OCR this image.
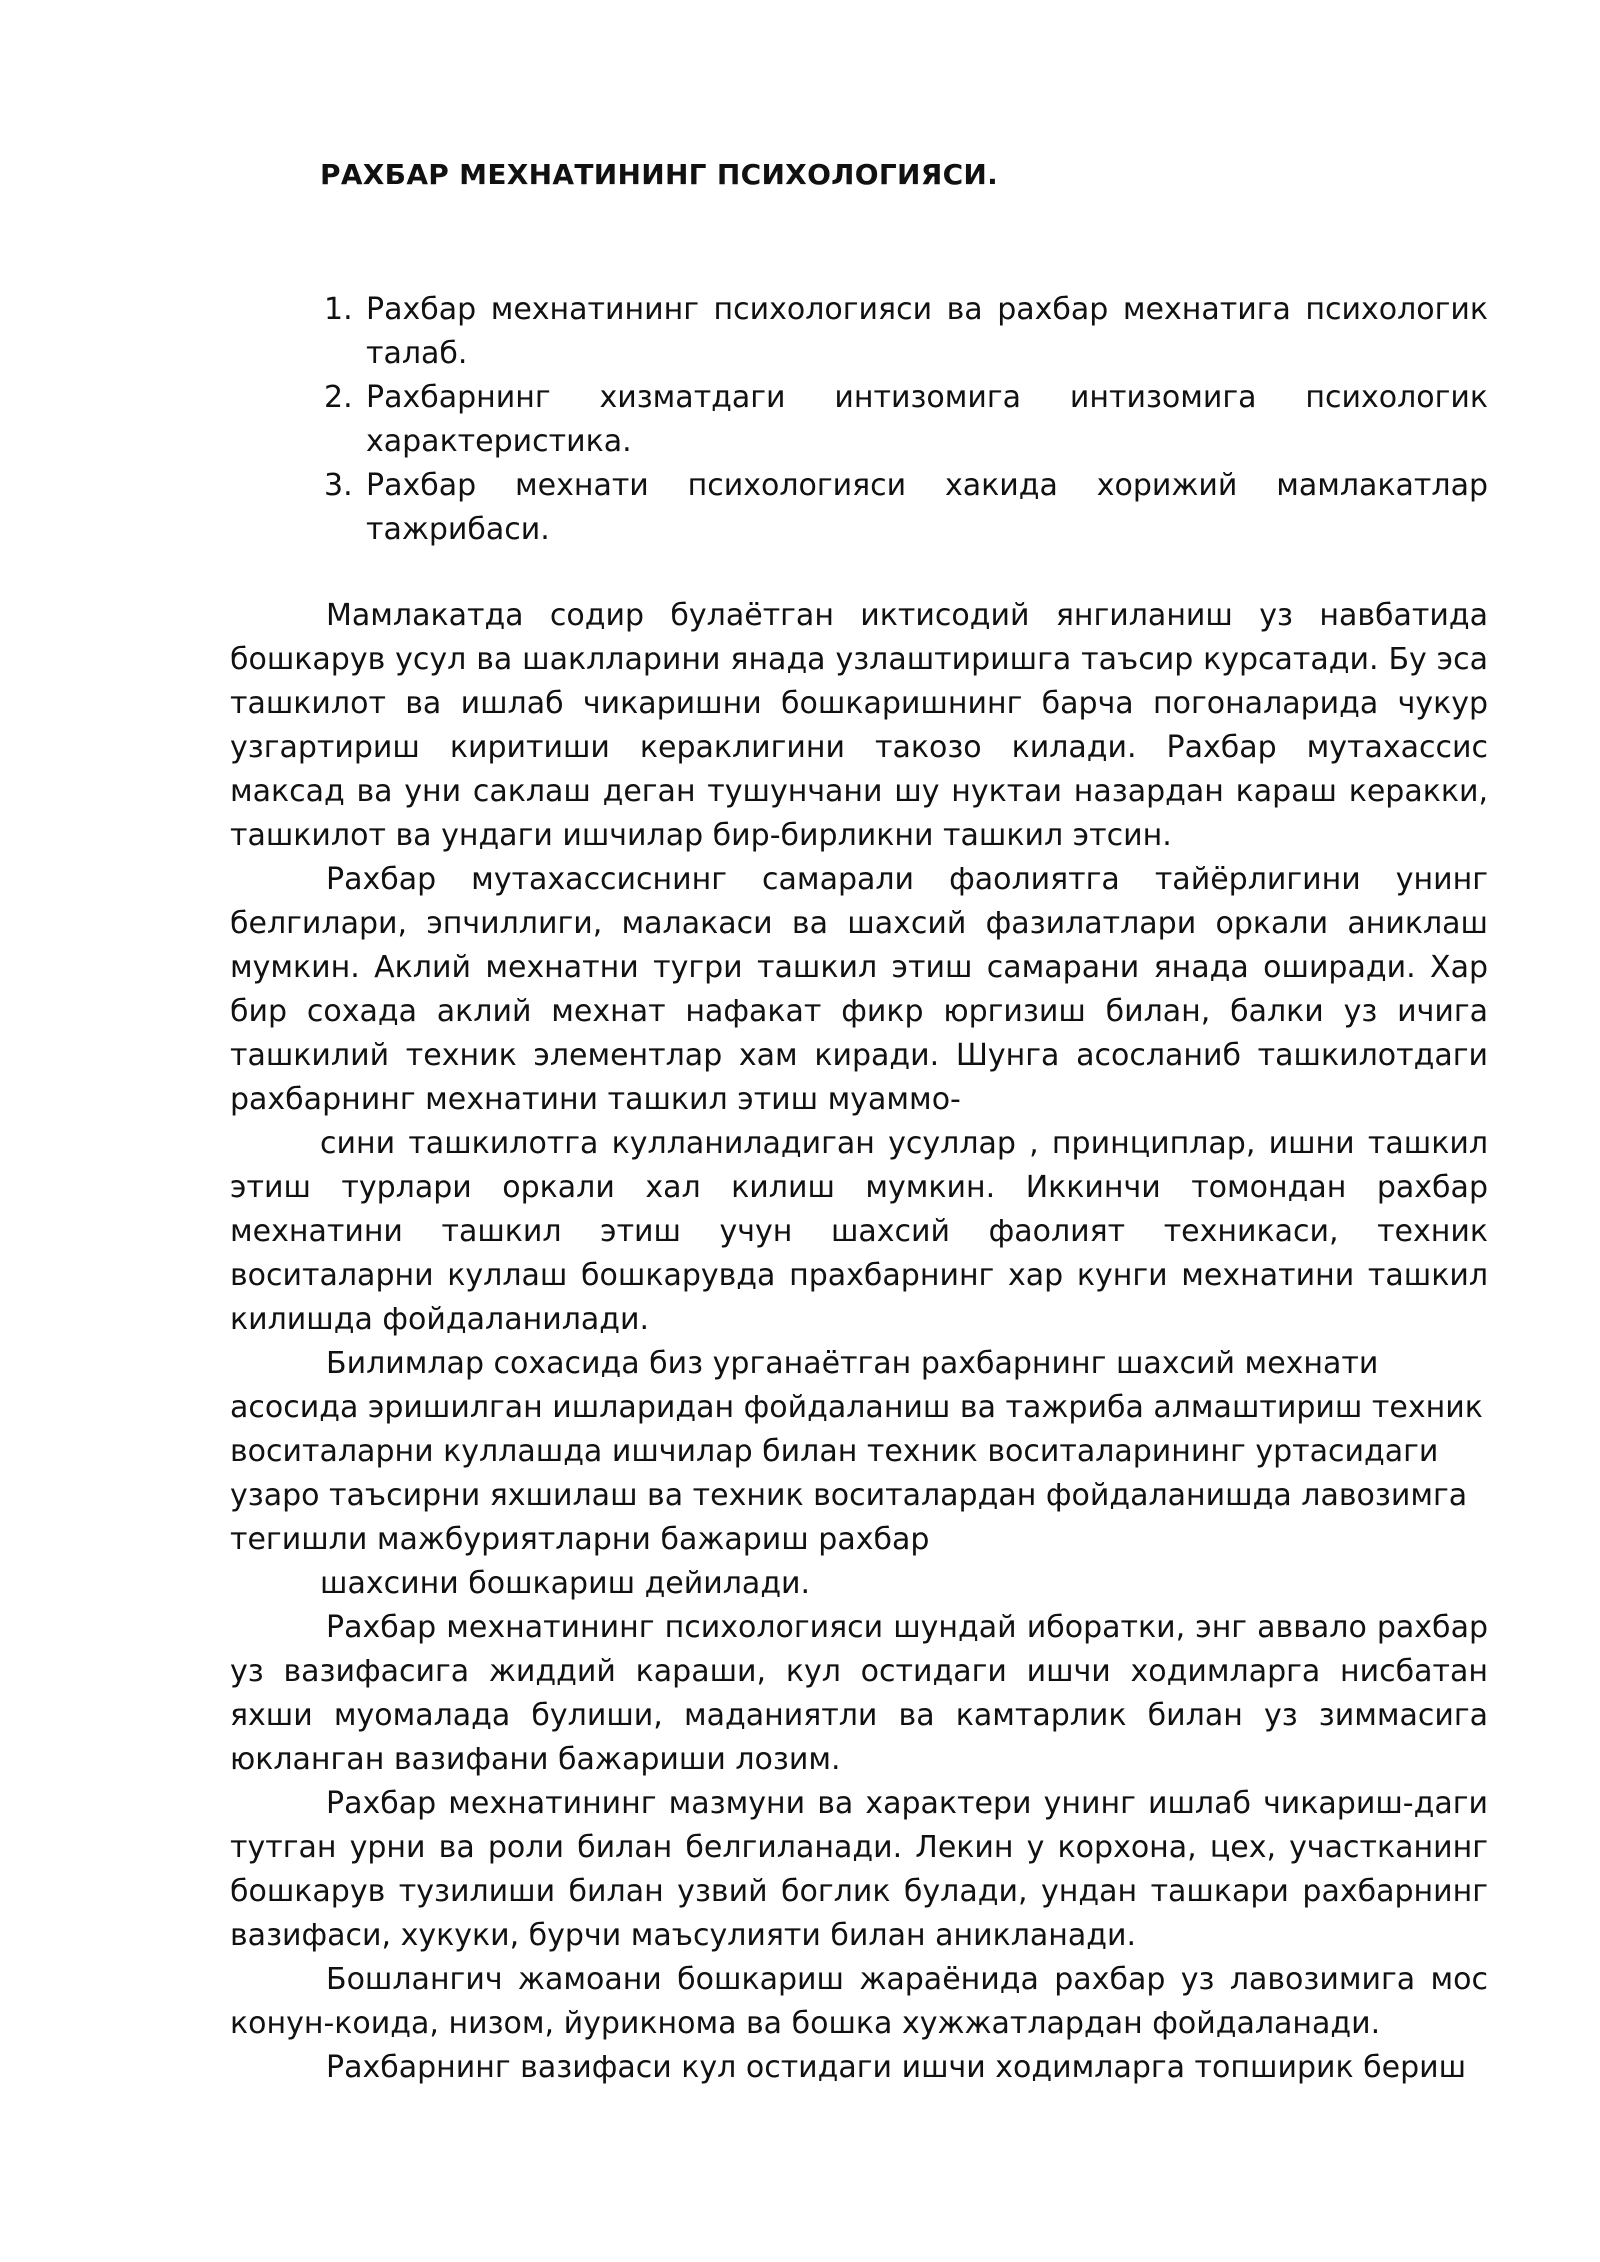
РАХБАР МЕХНАТИНИНГ ПСИХОЛОГИЯСИ.
1. Рахбар мехнатининг психологияси ва рахбар мехнатига психологик талаб.
2. Рахбарнинг хизматдаги интизомига интизомига психологик характеристика.
3. Рахбар мехнати психологияси хакида хорижий мамлакатлар тажрибаси.

Мамлакатда содир булаётган иктисодий янгиланиш уз навбатида бошкарув усул ва шаклларини янада узлаштиришга таъсир курсатади. Бу эса ташкилот ва ишлаб чикаришни бошкаришнинг барча погоналарида чукур узгартириш киритиши кераклигини такозо килади. Рахбар мутахассис максад ва уни саклаш деган тушунчани шу нуктаи назардан караш керакки, ташкилот ва ундаги ишчилар бир-бирликни ташкил этсин.

Рахбар мутахассиснинг самарали фаолиятга тайёрлигини унинг белгилари, эпчиллиги, малакаси ва шахсий фазилатлари оркали аниклаш мумкин. Аклий мехнатни тугри ташкил этиш самарани янада оширади. Хар бир сохада аклий мехнат нафакат фикр юргизиш билан, балки уз ичига ташкилий техник элементлар хам киради. Шунга асосланиб ташкилотдаги рахбарнинг мехнатини ташкил этиш муаммо-

сини ташкилотга кулланиладиган усуллар , принциплар, ишни ташкил этиш турлари оркали хал килиш мумкин. Иккинчи томондан рахбар мехнатини ташкил этиш учун шахсий фаолият техникаси, техник воситаларни куллаш бошкарувда прахбарнинг хар кунги мехнатини ташкил килишда фойдаланилади.

Билимлар сохасида биз урганаётган рахбарнинг шахсий мехнати асосида эришилган ишларидан фойдаланиш ва тажриба алмаштириш техник воситаларни куллашда ишчилар билан техник воситаларининг уртасидаги

узаро таъсирни яхшилаш ва техник воситалардан фойдаланишда лавозимга тегишли мажбуриятларни бажариш рахбар

шахсини бошкариш дейилади.

Рахбар мехнатининг психологияси шундай иборатки, энг аввало рахбар уз вазифасига жиддий караши, кул остидаги ишчи ходимларга нисбатан яхши муомалада булиши, маданиятли ва камтарлик билан уз зиммасига юкланган вазифани бажариши лозим.

Рахбар мехнатининг мазмуни ва характери унинг ишлаб чикариш-даги тутган урни ва роли билан белгиланади. Лекин у корхона, цех, участканинг бошкарув тузилиши билан узвий боглик булади, ундан ташкари рахбарнинг вазифаси, хукуки, бурчи маъсулияти билан аникланади.

Бошлангич жамоани бошкариш жараёнида рахбар уз лавозимига мос конун-коида, низом, йурикнома ва бошка хужжатлардан фойдаланади.

Рахбарнинг вазифаси кул остидаги ишчи ходимларга топширик бериш
